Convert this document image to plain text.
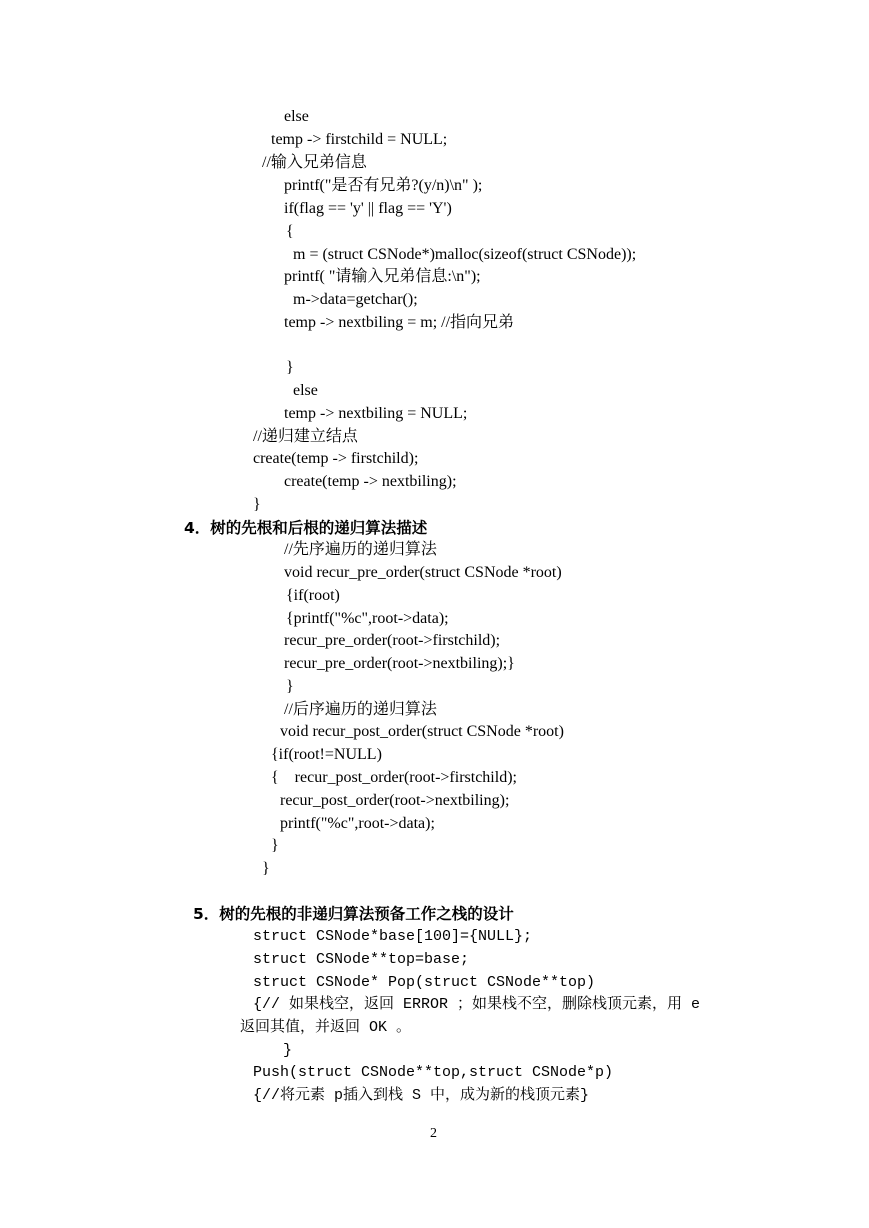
else
temp -> firstchild = NULL;
//输入兄弟信息
printf("是否有兄弟?(y/n)\n" );
if(flag == 'y' || flag == 'Y')
{
m = (struct CSNode*)malloc(sizeof(struct CSNode));
printf( "请输入兄弟信息:\n");
m->data=getchar();
temp -> nextbiling = m; //指向兄弟
}
else
temp -> nextbiling = NULL;
//递归建立结点
create(temp -> firstchild);
create(temp -> nextbiling);
}
4．树的先根和后根的递归算法描述
//先序遍历的递归算法
void recur_pre_order(struct CSNode *root)
{if(root)
{printf("%c",root->data);
recur_pre_order(root->firstchild);
recur_pre_order(root->nextbiling);}
}
//后序遍历的递归算法
void recur_post_order(struct CSNode *root)
{if(root!=NULL)
{    recur_post_order(root->firstchild);
recur_post_order(root->nextbiling);
printf("%c",root->data);
}
}
5．树的先根的非递归算法预备工作之栈的设计
struct CSNode*base[100]={NULL};
struct CSNode**top=base;
struct CSNode* Pop(struct CSNode**top)
{// 如果栈空，返回 ERROR ；如果栈不空，删除栈顶元素，用 e
返回其值，并返回 OK 。
}
Push(struct CSNode**top,struct CSNode*p)
{//将元素 p插入到栈 S 中，成为新的栈顶元素}
2
